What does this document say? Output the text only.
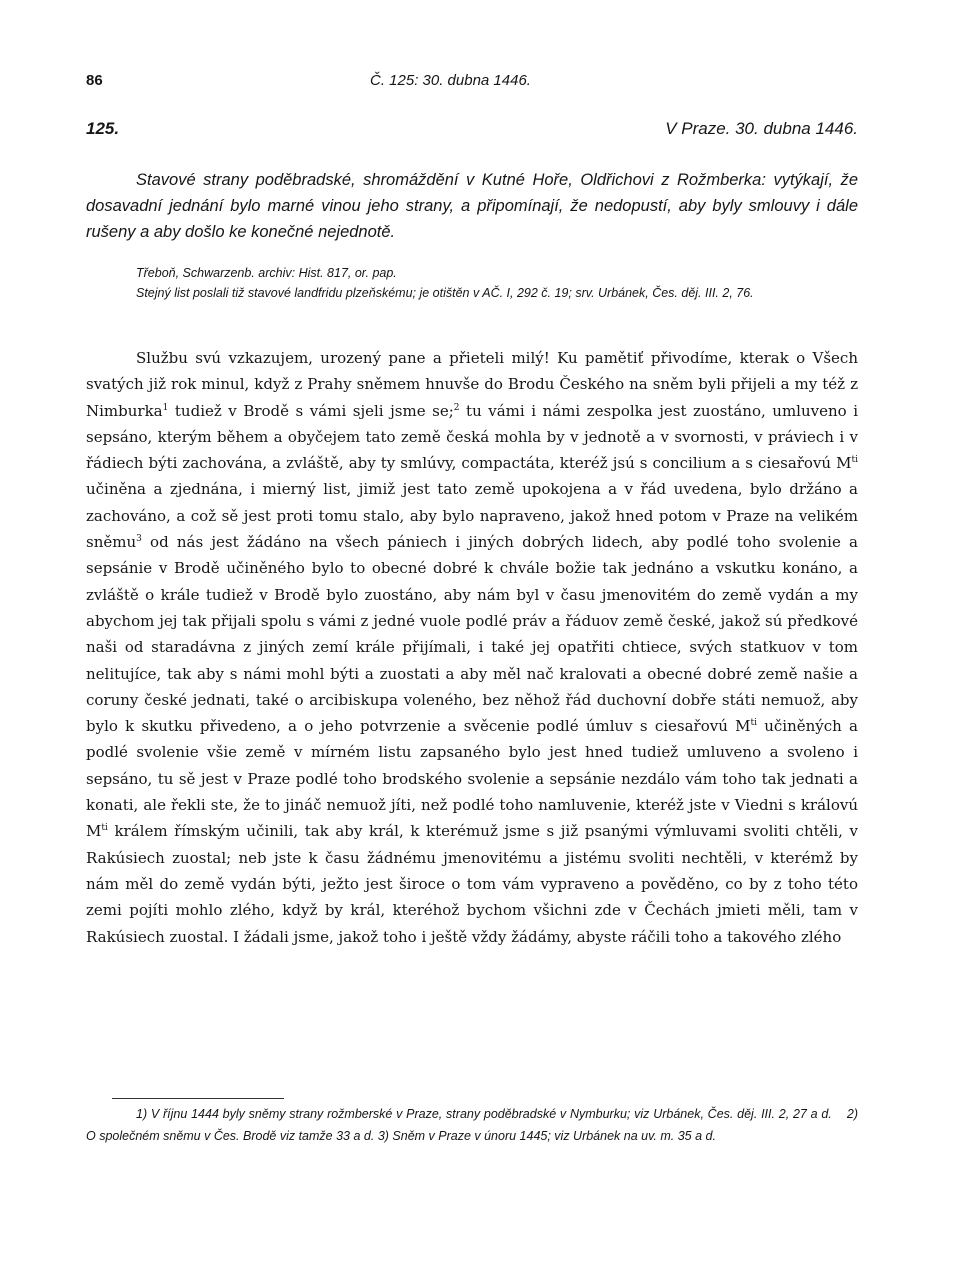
86	Č. 125: 30. dubna 1446.
125.	V Praze. 30. dubna 1446.

Stavové strany poděbradské, shromáždění v Kutné Hoře, Oldřichovi z Rožmberka: vytýkají, že dosavadní jednání bylo marné vinou jeho strany, a připomínají, že nedopustí, aby byly smlouvy i dále rušeny a aby došlo ke konečné nejednotě.

Třeboň, Schwarzenb. archiv: Hist. 817, or. pap.

Stejný list poslali tiž stavové landfridu plzeňskému; je otištěn v AČ. I, 292 č. 19; srv. Urbánek, Čes. děj. III. 2, 76.

Službu svú vzkazujem, urozený pane a přieteli milý! Ku pamětiť přivodíme, kterak o Všech svatých již rok minul, když z Prahy sněmem hnuvše do Brodu Českého na sněm byli přijeli a my též z Nimburka$^1$ tudiež v Brodě s vámi sjeli jsme se;$^2$ tu vámi i námi zespolka jest zuostáno, umluveno i sepsáno, kterým během a obyčejem tato země česká mohla by v jednotě a v svornosti, v práviech i v řádiech býti zachována, a zvláště, aby ty smlúvy, compactáta, kteréž jsú s concilium a s ciesařovú $M^{ti}$ učiněna a zjednána, i mierný list, jimiž jest tato země upokojena a v řád uvedena, bylo držáno a zachováno, a což sě jest proti tomu stalo, aby bylo napraveno, jakož hned potom v Praze na velikém sněmu$^3$ od nás jest žádáno na všech pániech i jiných dobrých lidech, aby podlé toho svolenie a sepsánie v Brodě učiněného bylo to obecné dobré k chvále božie tak jednáno a vskutku konáno, a zvláště o krále tudiež v Brodě bylo zuostáno, aby nám byl v času jmenovitém do země vydán a my abychom jej tak přijali spolu s vámi z jedné vuole podlé práv a řáduov země české, jakož sú předkové naši od staradávna z jiných zemí krále přijímali, i také jej opatřiti chtiece, svých statkuov v tom nelitujíce, tak aby s námi mohl býti a zuostati a aby měl nač kralovati a obecné dobré země našie a coruny české jednati, také o arcibiskupa voleného, bez něhož řád duchovní dobře státi nemuož, aby bylo k skutku přivedeno, a o jeho potvrzenie a svěcenie podlé úmluv s ciesařovú $M^{ti}$ učiněných a podlé svolenie všie země v mírném listu zapsaného bylo jest hned tudiež umluveno a svoleno i sepsáno, tu sě jest v Praze podlé toho brodského svolenie a sepsánie nezdálo vám toho tak jednati a konati, ale řekli ste, že to jináč nemuož jíti, než podlé toho namluvenie, kteréž jste v Viedni s královú $M^{ti}$ králem římským učinili, tak aby král, k kterémuž jsme s již psanými výmluvami svoliti chtěli, v Rakúsiech zuostal; neb jste k času žádnému jmenovitému a jistému svoliti nechtěli, v kterémž by nám měl do země vydán býti, ježto jest široce o tom vám vypraveno a pověděno, co by z toho této zemi pojíti mohlo zlého, když by král, kteréhož bychom všichni zde v Čechách jmieti měli, tam v Rakúsiech zuostal. I žádali jsme, jakož toho i ještě vždy žádámy, abyste ráčili toho a takového zlého

1) V říjnu 1444 byly sněmy strany rožmberské v Praze, strany poděbradské v Nymburku; viz Urbánek, Čes. děj. III. 2, 27 a d. 2) O společném sněmu v Čes. Brodě viz tamže 33 a d. 3) Sněm v Praze v únoru 1445; viz Urbánek na uv. m. 35 a d.
